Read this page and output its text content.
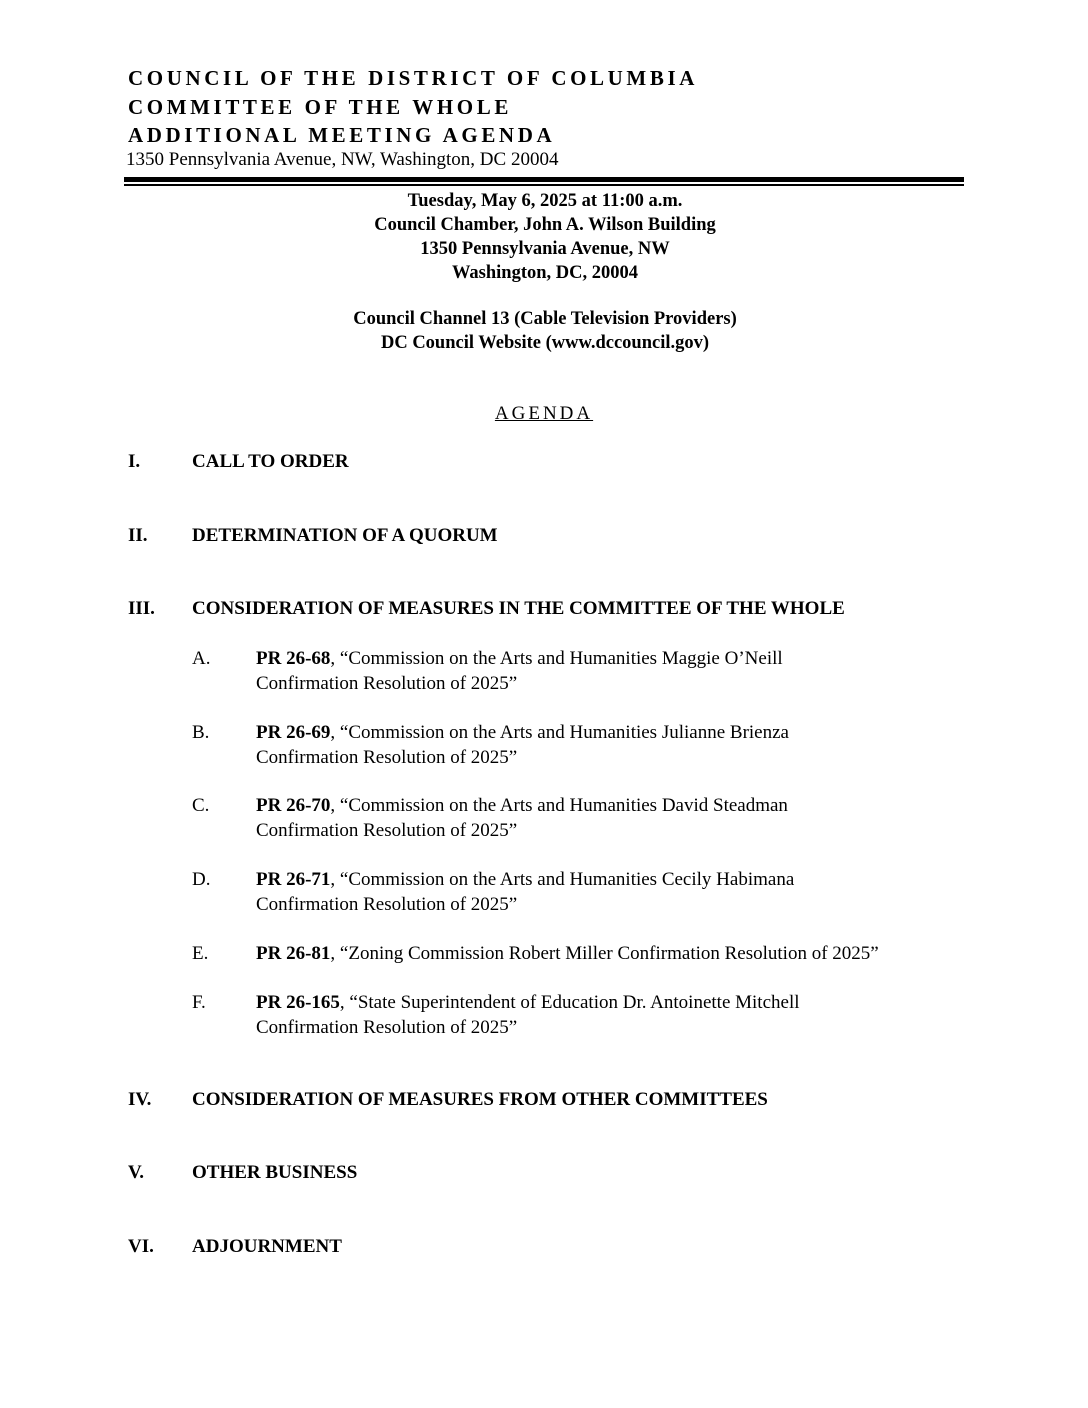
COUNCIL OF THE DISTRICT OF COLUMBIA
COMMITTEE OF THE WHOLE
ADDITIONAL MEETING AGENDA
1350 Pennsylvania Avenue, NW, Washington, DC 20004
Tuesday, May 6, 2025 at 11:00 a.m.
Council Chamber, John A. Wilson Building
1350 Pennsylvania Avenue, NW
Washington, DC, 20004
Council Channel 13 (Cable Television Providers)
DC Council Website (www.dccouncil.gov)
AGENDA
I.	CALL TO ORDER
II. DETERMINATION OF A QUORUM
III. CONSIDERATION OF MEASURES IN THE COMMITTEE OF THE WHOLE
A. PR 26-68, “Commission on the Arts and Humanities Maggie O’Neill
Confirmation Resolution of 2025”
B. PR 26-69, “Commission on the Arts and Humanities Julianne Brienza
Confirmation Resolution of 2025”
C. PR 26-70, “Commission on the Arts and Humanities David Steadman
Confirmation Resolution of 2025”
D. PR 26-71, “Commission on the Arts and Humanities Cecily Habimana
Confirmation Resolution of 2025”
E.	PR 26-81, “Zoning Commission Robert Miller Confirmation Resolution of 2025”
F.	PR 26-165, “State Superintendent of Education Dr. Antoinette Mitchell
Confirmation Resolution of 2025”
IV. CONSIDERATION OF MEASURES FROM OTHER COMMITTEES
V.	OTHER BUSINESS
VI. ADJOURNMENT
